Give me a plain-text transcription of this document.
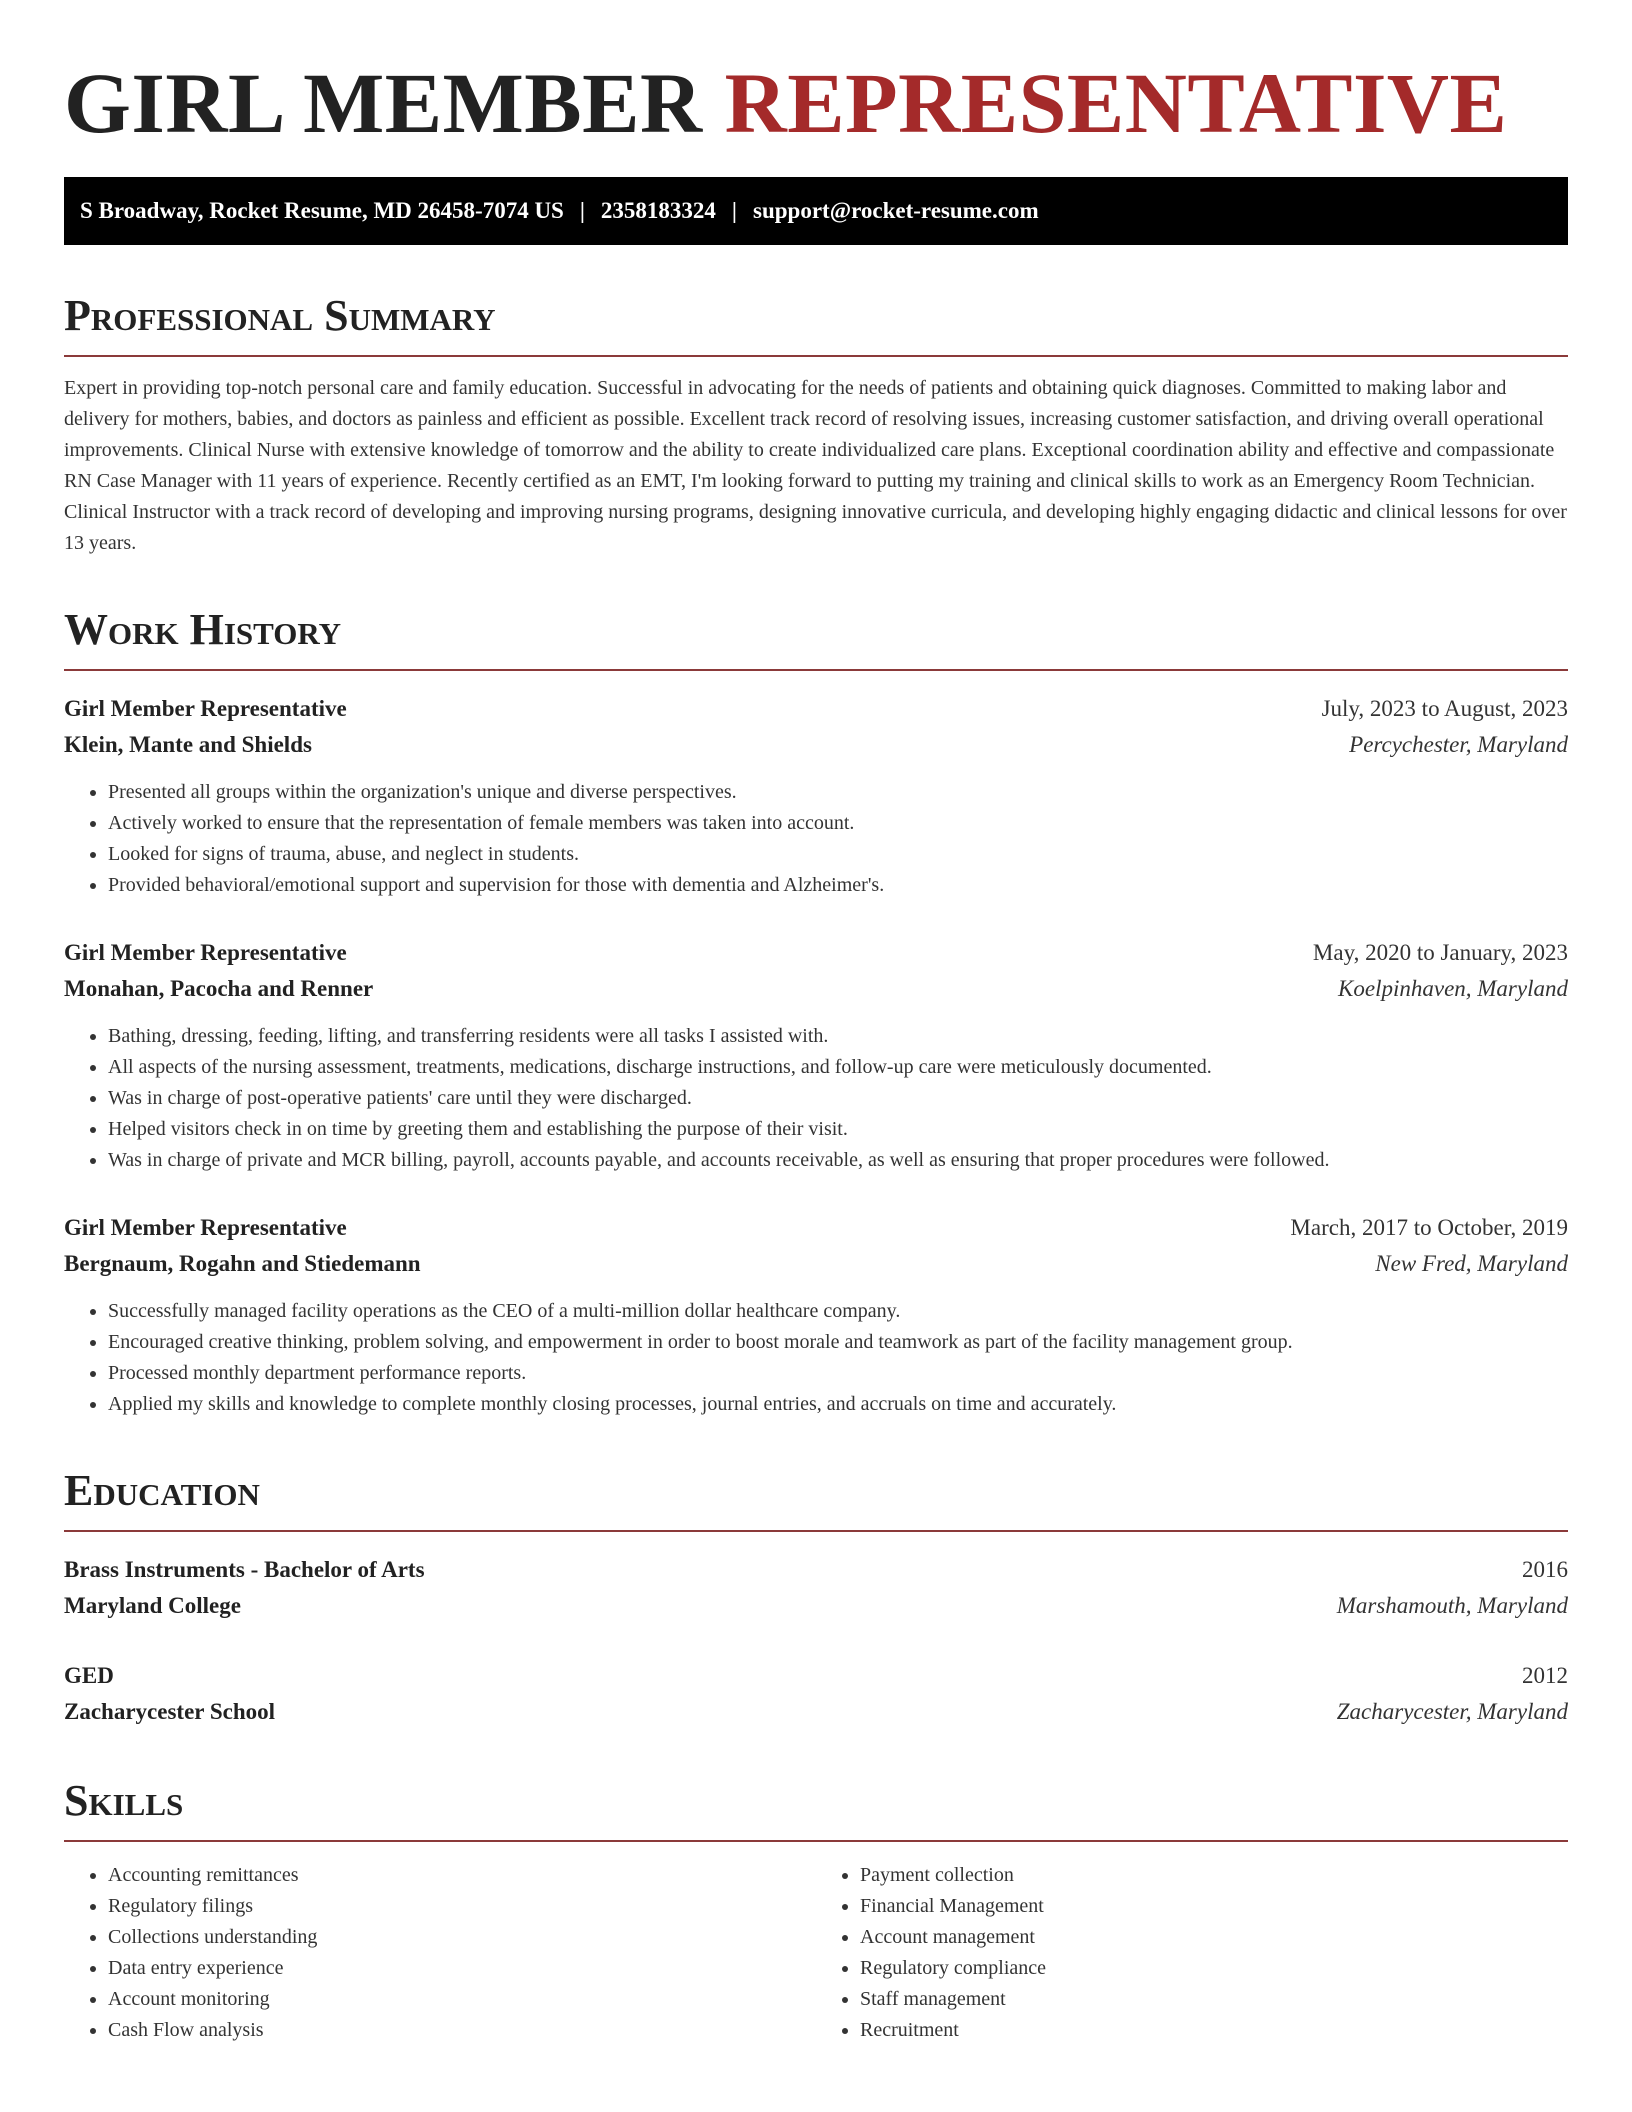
GIRL MEMBER REPRESENTATIVE
S Broadway, Rocket Resume, MD 26458-7074 US | 2358183324 | support@rocket-resume.com
Professional Summary

Expert in providing top-notch personal care and family education. Successful in advocating for the needs of patients and obtaining quick diagnoses. Committed to making labor and delivery for mothers, babies, and doctors as painless and efficient as possible. Excellent track record of resolving issues, increasing customer satisfaction, and driving overall operational improvements. Clinical Nurse with extensive knowledge of tomorrow and the ability to create individualized care plans. Exceptional coordination ability and effective and compassionate RN Case Manager with 11 years of experience. Recently certified as an EMT, I'm looking forward to putting my training and clinical skills to work as an Emergency Room Technician. Clinical Instructor with a track record of developing and improving nursing programs, designing innovative curricula, and developing highly engaging didactic and clinical lessons for over 13 years.

Work History
Girl Member Representative	July, 2023 to August, 2023
Klein, Mante and Shields	Percychester, Maryland
• Presented all groups within the organization's unique and diverse perspectives.
• Actively worked to ensure that the representation of female members was taken into account.
• Looked for signs of trauma, abuse, and neglect in students.
• Provided behavioral/emotional support and supervision for those with dementia and Alzheimer's.
Girl Member Representative	May, 2020 to January, 2023
Monahan, Pacocha and Renner	Koelpinhaven, Maryland
• Bathing, dressing, feeding, lifting, and transferring residents were all tasks I assisted with.
• All aspects of the nursing assessment, treatments, medications, discharge instructions, and follow-up care were meticulously documented.
• Was in charge of post-operative patients' care until they were discharged.
• Helped visitors check in on time by greeting them and establishing the purpose of their visit.
• Was in charge of private and MCR billing, payroll, accounts payable, and accounts receivable, as well as ensuring that proper procedures were followed.
Girl Member Representative	March, 2017 to October, 2019
Bergnaum, Rogahn and Stiedemann	New Fred, Maryland
• Successfully managed facility operations as the CEO of a multi-million dollar healthcare company.
• Encouraged creative thinking, problem solving, and empowerment in order to boost morale and teamwork as part of the facility management group.
• Processed monthly department performance reports.
• Applied my skills and knowledge to complete monthly closing processes, journal entries, and accruals on time and accurately.
Education
Brass Instruments - Bachelor of Arts	2016
Maryland College	Marshamouth, Maryland
GED	2012
Zacharycester School	Zacharycester, Maryland
Skills
• Accounting remittances
• Regulatory filings
• Collections understanding
• Data entry experience
• Account monitoring
• Cash Flow analysis
• Payment collection
• Financial Management
• Account management
• Regulatory compliance
• Staff management
• Recruitment
